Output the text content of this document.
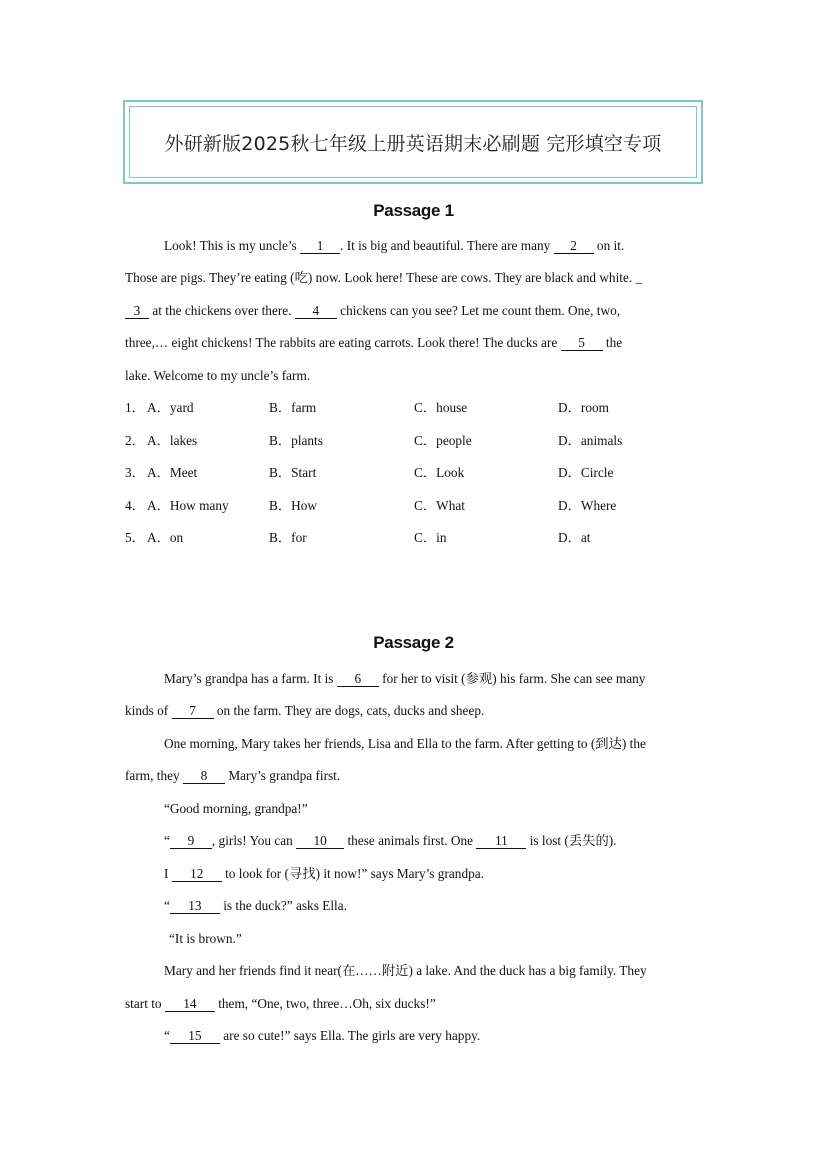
外研新版2025秋七年级上册英语期末必刷题 完形填空专项
Passage 1
Look! This is my uncle’s 1 . It is big and beautiful. There are many 2 on it.
Those are pigs. They’re eating (吃) now. Look here! These are cows. They are black and white. _
3 at the chickens over there. 4 chickens can you see? Let me count them. One, two,
three,… eight chickens! The rabbits are eating carrots. Look there! The ducks are 5 the
lake. Welcome to my uncle’s farm.
1． A．yard	B．farm	C．house	D．room
2． A．lakes	B．plants	C．people	D．animals
3． A．Meet	B．Start	C．Look	D．Circle
4． A．How many	B．How	C．What	D．Where
5． A．on	B．for	C．in	D．at
Passage 2
Mary’s grandpa has a farm. It is 6 for her to visit (参观) his farm. She can see many
kinds of 7 on the farm. They are dogs, cats, ducks and sheep.
One morning, Mary takes her friends, Lisa and Ella to the farm. After getting to (到达) the
farm, they 8 Mary’s grandpa first.
“Good morning, grandpa!”
“ 9 , girls! You can 10 these animals first. One 11 is lost (丢失的).
I 12 to look for (寻找) it now!” says Mary’s grandpa.
“ 13 is the duck?” asks Ella.
“It is brown.”
Mary and her friends find it near(在……附近) a lake. And the duck has a big family. They
start to 14 them, “One, two, three…Oh, six ducks!”
“ 15 are so cute!” says Ella. The girls are very happy.
